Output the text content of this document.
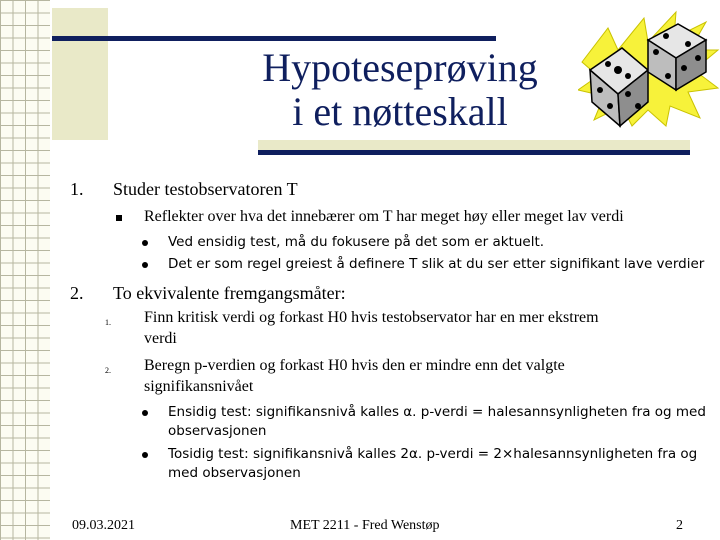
Hypoteseprøving
i et nøtteskall
1. Studer testobservatoren T
Reflekter over hva det innebærer om T har meget høy eller meget lav verdi
Ved ensidig test, må du fokusere på det som er aktuelt.
Det er som regel greiest å definere T slik at du ser etter signifikant lave verdier
2. To ekvivalente fremgangsmåter:
1. Finn kritisk verdi og forkast H0 hvis testobservator har en mer ekstrem
verdi
2. Beregn p-verdien og forkast H0 hvis den er mindre enn det valgte
signifikansnivået
Ensidig test: signifikansnivå kalles α. p-verdi = halesannsynligheten fra og med
observasjonen
Tosidig test: signifikansnivå kalles 2α. p-verdi = 2×halesannsynligheten fra og
med observasjonen
09.03.2021	MET 2211 - Fred Wenstøp	2
